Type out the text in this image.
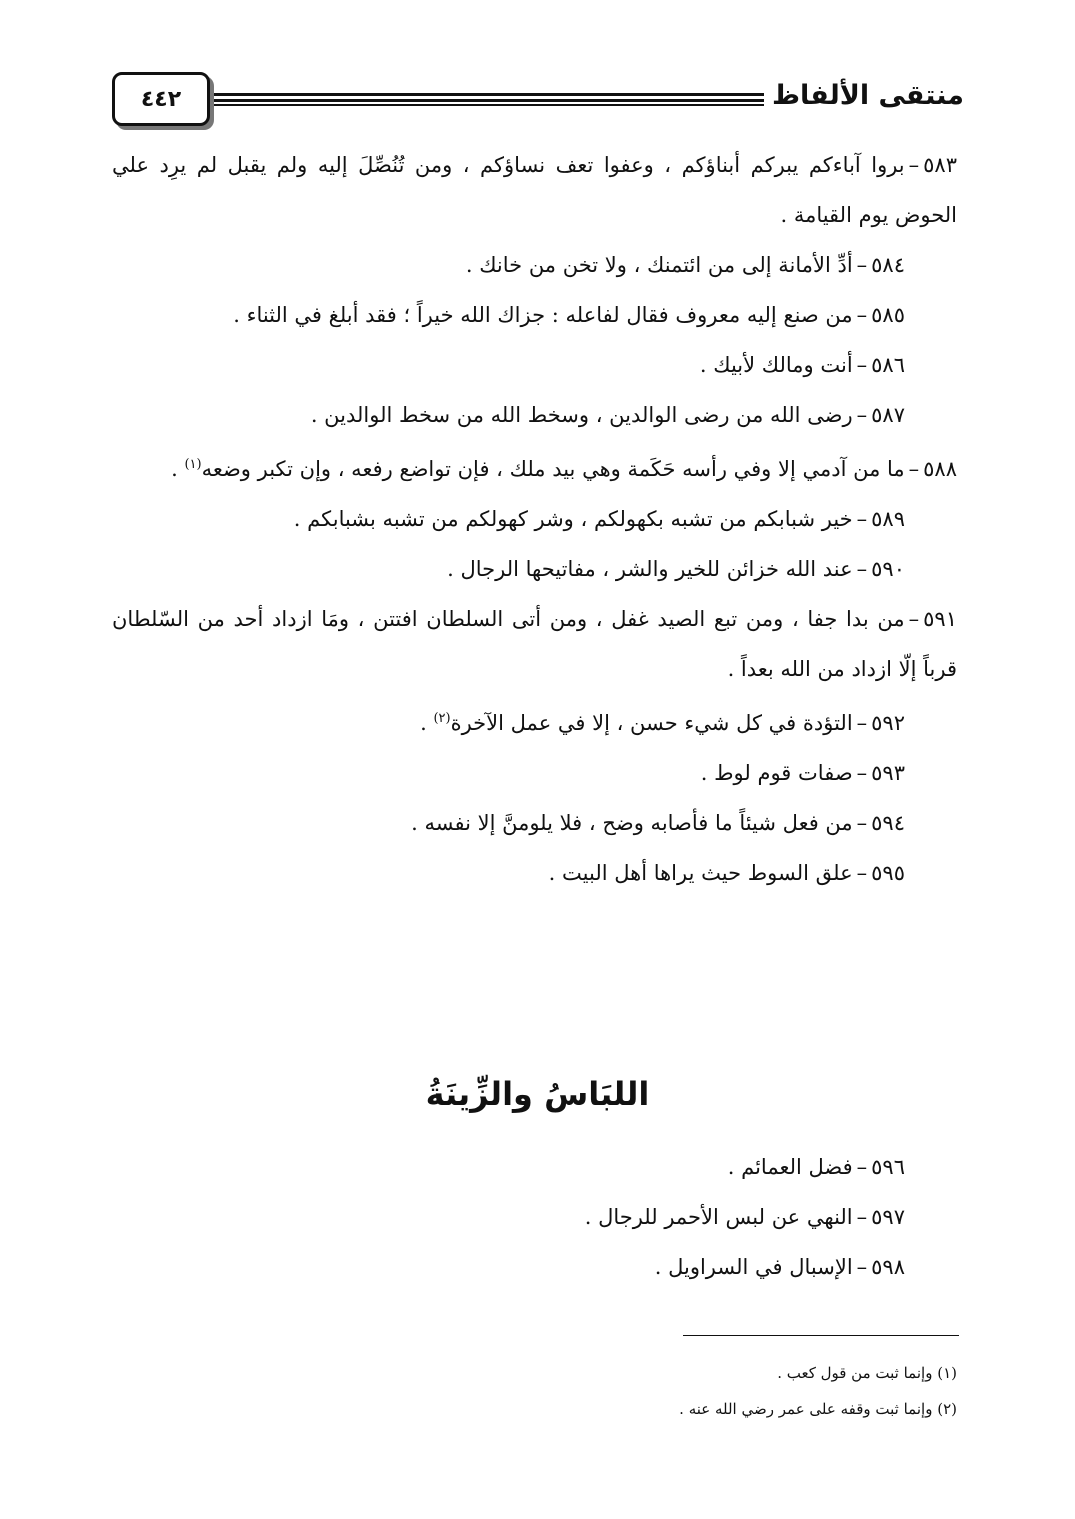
منتقى الألفاظ
٤٤٢

٥٨٣–بروا آباءكم يبركم أبناؤكم ، وعفوا تعف نساؤكم ، ومن تُنُصِّلَ إليه ولم يقبل لم يرِد علي الحوض يوم القيامة .

٥٨٤–أدِّ الأمانة إلى من ائتمنك ، ولا تخن من خانك .

٥٨٥–من صنع إليه معروف فقال لفاعله : جزاك الله خيراً ؛ فقد أبلغ في الثناء .

٥٨٦–أنت ومالك لأبيك .

٥٨٧–رضى الله من رضى الوالدين ، وسخط الله من سخط الوالدين .

٥٨٨–ما من آدمي إلا وفي رأسه حَكَمة وهي بيد ملك ، فإن تواضع رفعه ، وإن تكبر وضعه$^{(١)}$ .

٥٨٩–خير شبابكم من تشبه بكهولكم ، وشر كهولكم من تشبه بشبابكم .

٥٩٠–عند الله خزائن للخير والشر ، مفاتيحها الرجال .

٥٩١–من بدا جفا ، ومن تبع الصيد غفل ، ومن أتى السلطان افتتن ، ومَا ازداد أحد من السّلطان قرباً إلّا ازداد من الله بعداً .

٥٩٢–التؤدة في كل شيء حسن ، إلا في عمل الآخرة$^{(٢)}$ .

٥٩٣–صفات قوم لوط .

٥٩٤–من فعل شيئاً ما فأصابه وضح ، فلا يلومنَّ إلا نفسه .

٥٩٥–علق السوط حيث يراها أهل البيت .

اللبَاسُ والزِّينَةُ

٥٩٦–فضل العمائم .

٥٩٧–النهي عن لبس الأحمر للرجال .

٥٩٨–الإسبال في السراويل .

(١) وإنما ثبت من قول كعب .

(٢) وإنما ثبت وقفه على عمر رضي الله عنه .
